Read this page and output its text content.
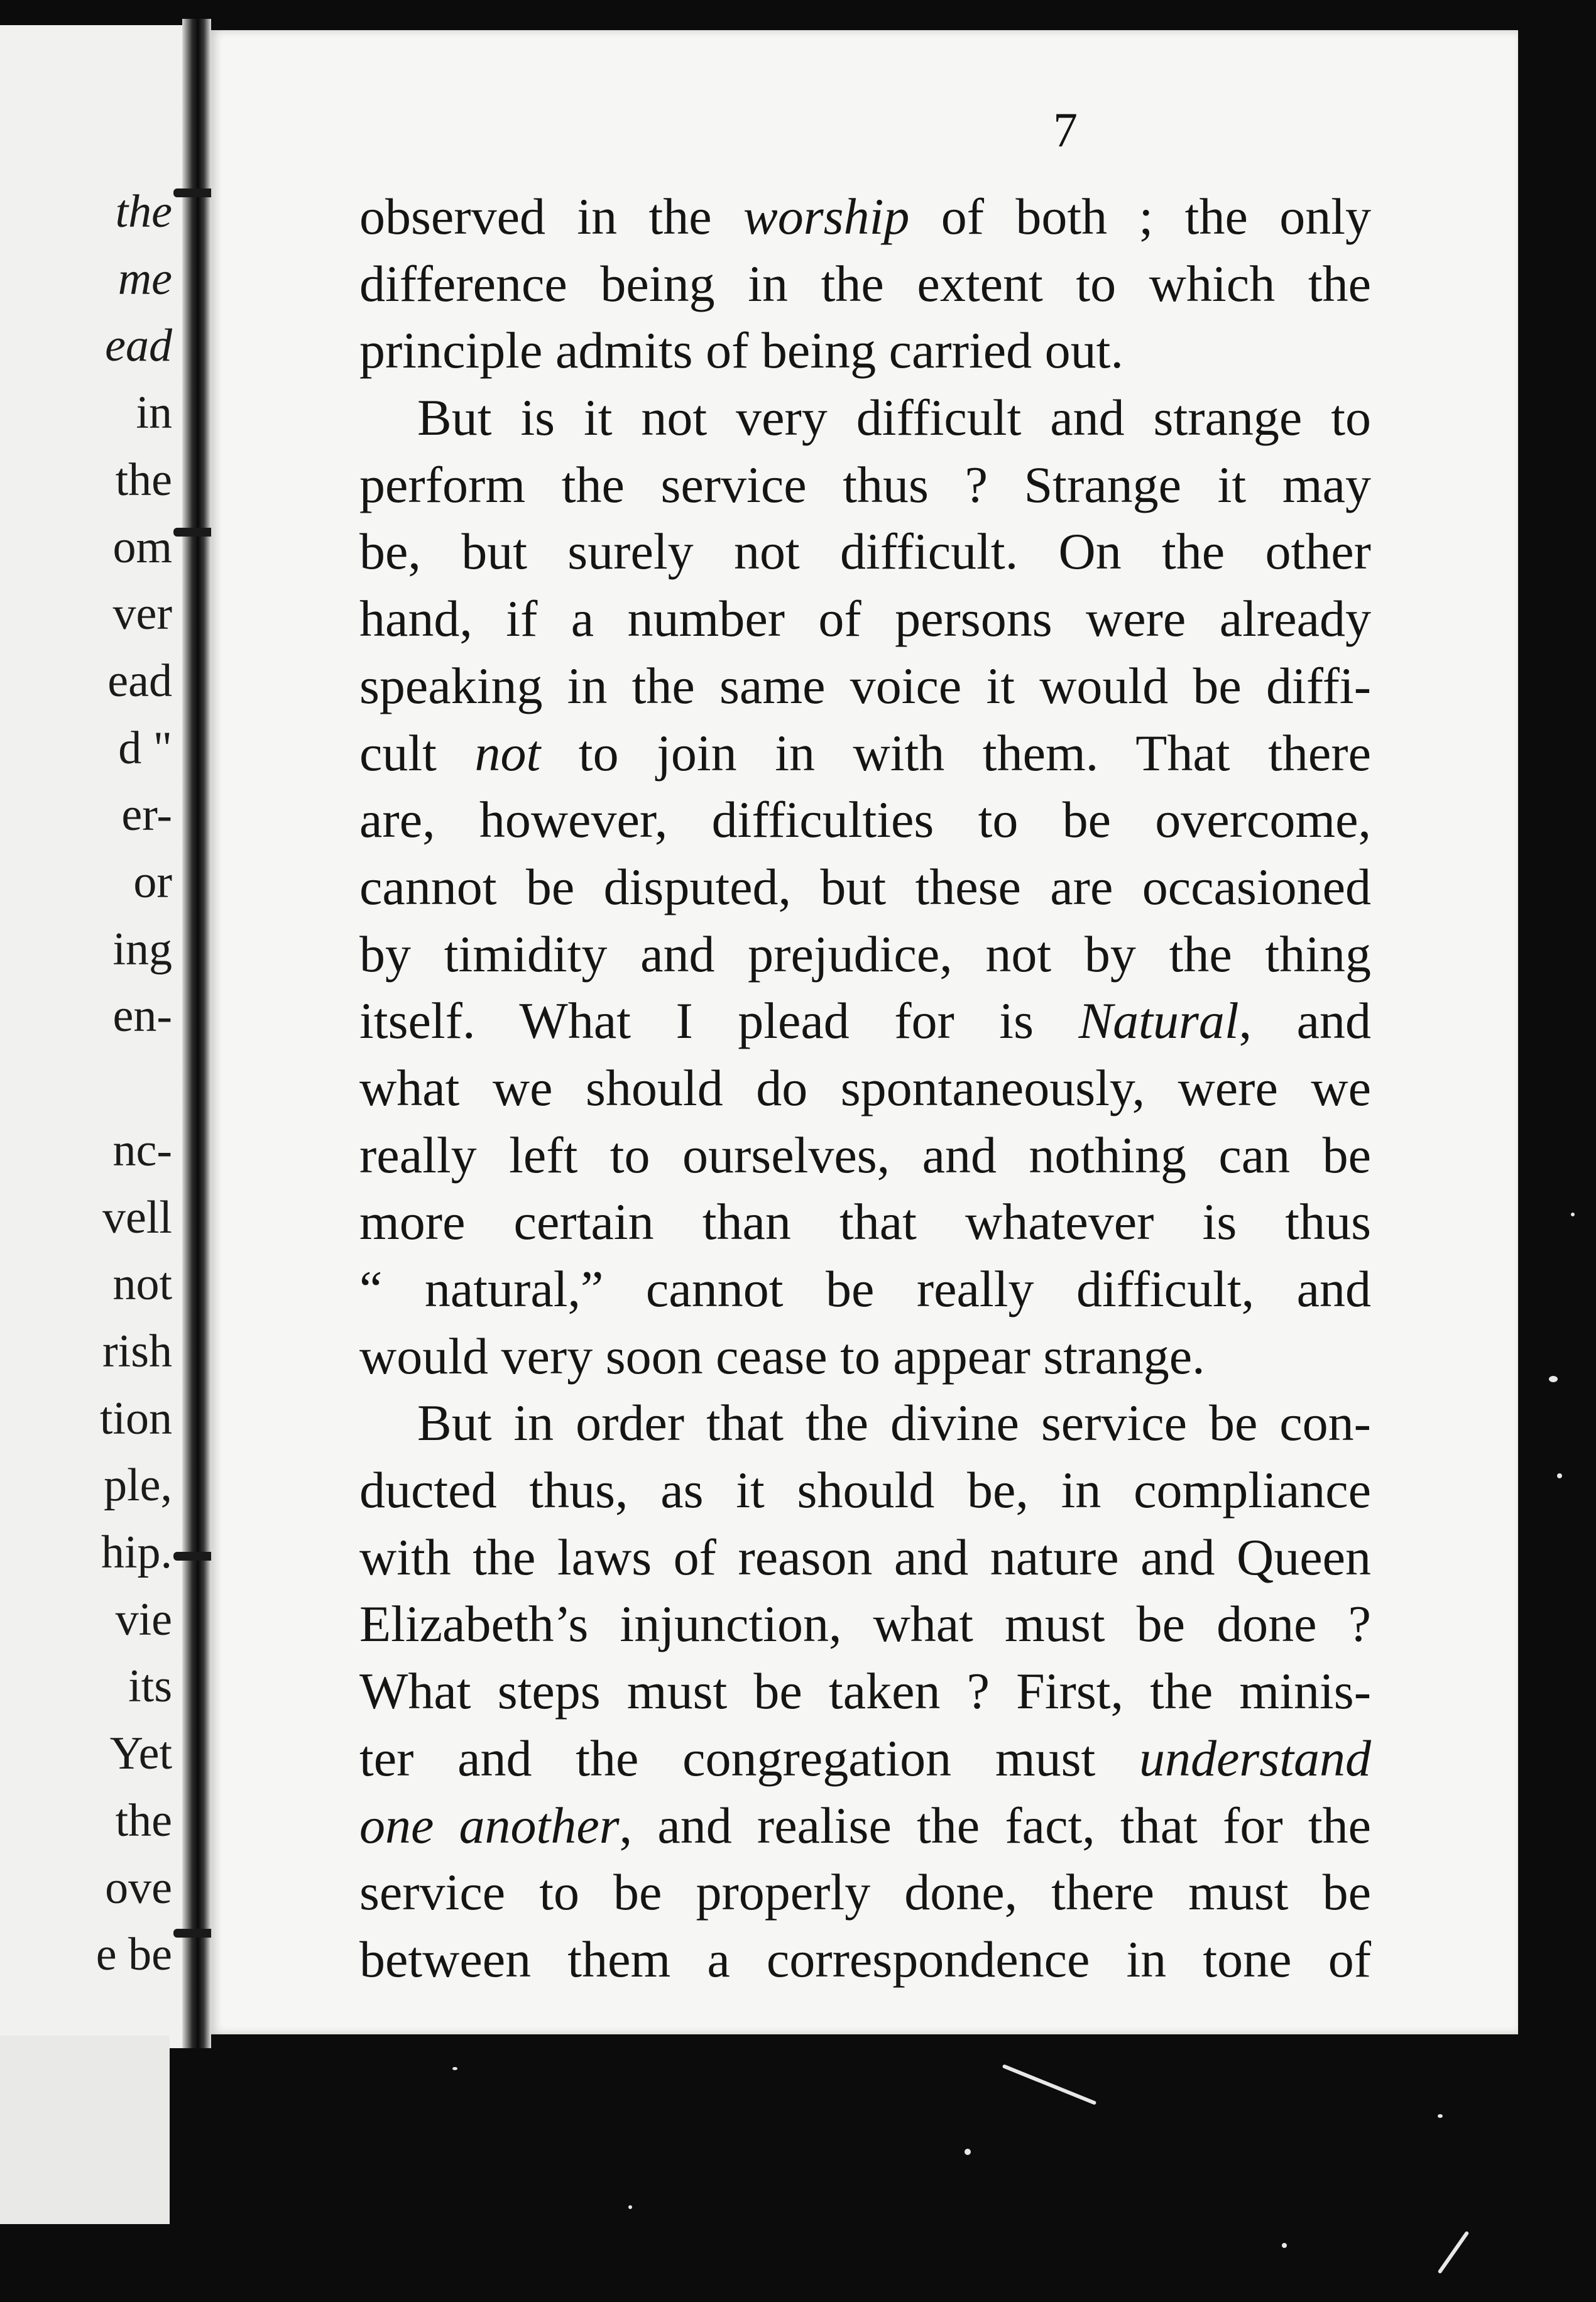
the
me
ead
in
the
om
ver
ead
d "
er-
or
ing
en-
nc-
vell
not
rish
tion
ple,
hip.
vie
its
Yet
the
ove
e be
7
observed in the worship of both ; the only
difference being in the extent to which the
principle admits of being carried out.
But is it not very difficult and strange to
perform the service thus ? Strange it may
be, but surely not difficult. On the other
hand, if a number of persons were already
speaking in the same voice it would be diffi-
cult not to join in with them. That there
are, however, difficulties to be overcome,
cannot be disputed, but these are occasioned
by timidity and prejudice, not by the thing
itself. What I plead for is Natural, and
what we should do spontaneously, were we
really left to ourselves, and nothing can be
more certain than that whatever is thus
“ natural,” cannot be really difficult, and
would very soon cease to appear strange.
But in order that the divine service be con-
ducted thus, as it should be, in compliance
with the laws of reason and nature and Queen
Elizabeth’s injunction, what must be done ?
What steps must be taken ? First, the minis-
ter and the congregation must understand
one another, and realise the fact, that for the
service to be properly done, there must be
between them a correspondence in tone of
